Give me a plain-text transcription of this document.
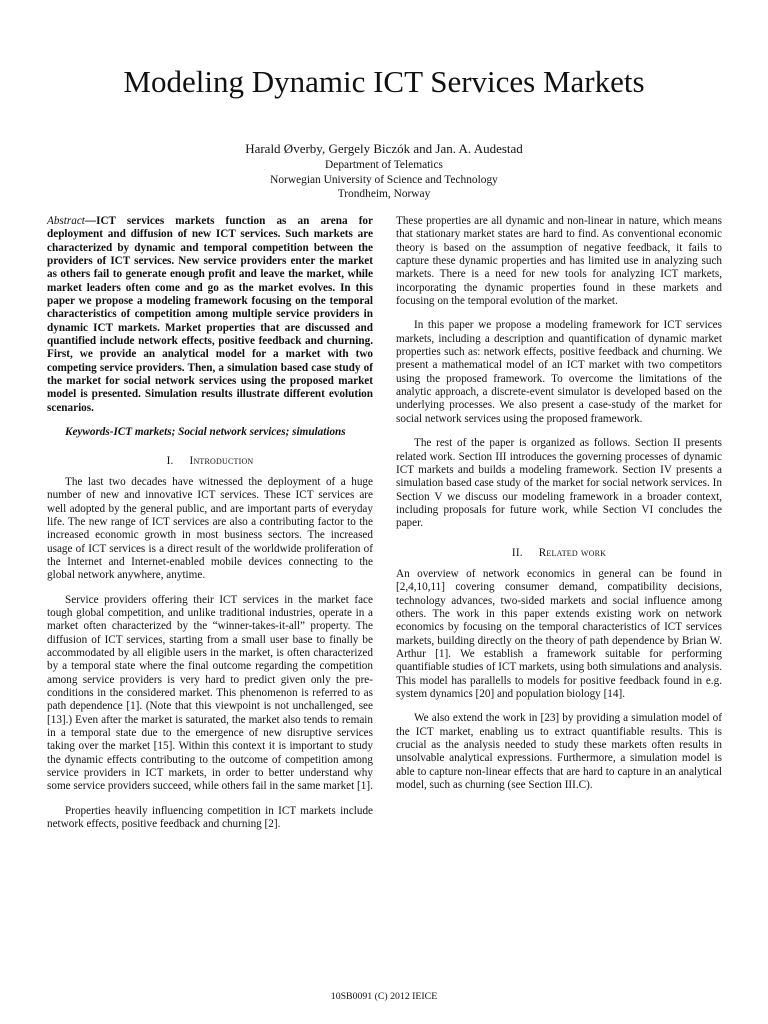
Modeling Dynamic ICT Services Markets
Harald Øverby, Gergely Biczók and Jan. A. Audestad
Department of Telematics
Norwegian University of Science and Technology
Trondheim, Norway

Abstract—ICT services markets function as an arena for deployment and diffusion of new ICT services. Such markets are characterized by dynamic and temporal competition between the providers of ICT services. New service providers enter the market as others fail to generate enough profit and leave the market, while market leaders often come and go as the market evolves. In this paper we propose a modeling framework focusing on the temporal characteristics of competition among multiple service providers in dynamic ICT markets. Market properties that are discussed and quantified include network effects, positive feedback and churning. First, we provide an analytical model for a market with two competing service providers. Then, a simulation based case study of the market for social network services using the proposed market model is presented. Simulation results illustrate different evolution scenarios.

Keywords-ICT markets; Social network services; simulations

I. Introduction

The last two decades have witnessed the deployment of a huge number of new and innovative ICT services. These ICT services are well adopted by the general public, and are important parts of everyday life. The new range of ICT services are also a contributing factor to the increased economic growth in most business sectors. The increased usage of ICT services is a direct result of the worldwide proliferation of the Internet and Internet-enabled mobile devices connecting to the global network anywhere, anytime.

Service providers offering their ICT services in the market face tough global competition, and unlike traditional industries, operate in a market often characterized by the “winner-takes-it-all” property. The diffusion of ICT services, starting from a small user base to finally be accommodated by all eligible users in the market, is often characterized by a temporal state where the final outcome regarding the competition among service providers is very hard to predict given only the pre-conditions in the considered market. This phenomenon is referred to as path dependence [1]. (Note that this viewpoint is not unchallenged, see [13].) Even after the market is saturated, the market also tends to remain in a temporal state due to the emergence of new disruptive services taking over the market [15]. Within this context it is important to study the dynamic effects contributing to the outcome of competition among service providers in ICT markets, in order to better understand why some service providers succeed, while others fail in the same market [1].

Properties heavily influencing competition in ICT markets include network effects, positive feedback and churning [2].

These properties are all dynamic and non-linear in nature, which means that stationary market states are hard to find. As conventional economic theory is based on the assumption of negative feedback, it fails to capture these dynamic properties and has limited use in analyzing such markets. There is a need for new tools for analyzing ICT markets, incorporating the dynamic properties found in these markets and focusing on the temporal evolution of the market.

In this paper we propose a modeling framework for ICT services markets, including a description and quantification of dynamic market properties such as: network effects, positive feedback and churning. We present a mathematical model of an ICT market with two competitors using the proposed framework. To overcome the limitations of the analytic approach, a discrete-event simulator is developed based on the underlying processes. We also present a case-study of the market for social network services using the proposed framework.

The rest of the paper is organized as follows. Section II presents related work. Section III introduces the governing processes of dynamic ICT markets and builds a modeling framework. Section IV presents a simulation based case study of the market for social network services. In Section V we discuss our modeling framework in a broader context, including proposals for future work, while Section VI concludes the paper.

II. Related work

An overview of network economics in general can be found in [2,4,10,11] covering consumer demand, compatibility decisions, technology advances, two-sided markets and social influence among others. The work in this paper extends existing work on network economics by focusing on the temporal characteristics of ICT services markets, building directly on the theory of path dependence by Brian W. Arthur [1]. We establish a framework suitable for performing quantifiable studies of ICT markets, using both simulations and analysis. This model has parallells to models for positive feedback found in e.g. system dynamics [20] and population biology [14].

We also extend the work in [23] by providing a simulation model of the ICT market, enabling us to extract quantifiable results. This is crucial as the analysis needed to study these markets often results in unsolvable analytical expressions. Furthermore, a simulation model is able to capture non-linear effects that are hard to capture in an analytical model, such as churning (see Section III.C).

10SB0091 (C) 2012 IEICE
